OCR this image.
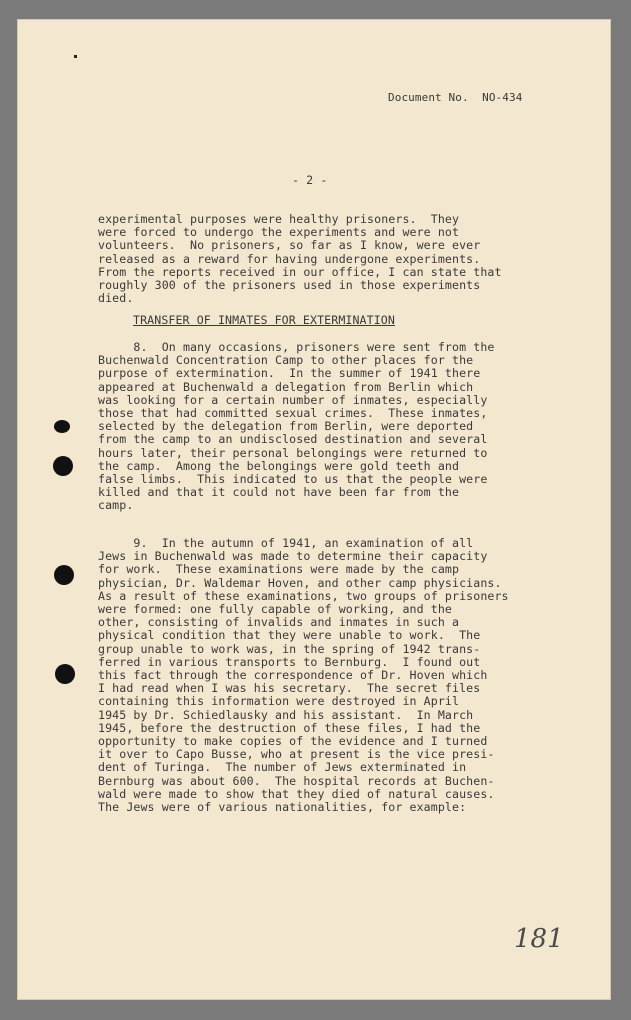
Document No.  NO-434
- 2 -
experimental purposes were healthy prisoners.  They
were forced to undergo the experiments and were not
volunteers.  No prisoners, so far as I know, were ever
released as a reward for having undergone experiments.
From the reports received in our office, I can state that
roughly 300 of the prisoners used in those experiments
died.
TRANSFER OF INMATES FOR EXTERMINATION
8.  On many occasions, prisoners were sent from the
Buchenwald Concentration Camp to other places for the
purpose of extermination.  In the summer of 1941 there
appeared at Buchenwald a delegation from Berlin which
was looking for a certain number of inmates, especially
those that had committed sexual crimes.  These inmates,
selected by the delegation from Berlin, were deported
from the camp to an undisclosed destination and several
hours later, their personal belongings were returned to
the camp.  Among the belongings were gold teeth and
false limbs.  This indicated to us that the people were
killed and that it could not have been far from the
camp.
9.  In the autumn of 1941, an examination of all
Jews in Buchenwald was made to determine their capacity
for work.  These examinations were made by the camp
physician, Dr. Waldemar Hoven, and other camp physicians.
As a result of these examinations, two groups of prisoners
were formed: one fully capable of working, and the
other, consisting of invalids and inmates in such a
physical condition that they were unable to work.  The
group unable to work was, in the spring of 1942 trans-
ferred in various transports to Bernburg.  I found out
this fact through the correspondence of Dr. Hoven which
I had read when I was his secretary.  The secret files
containing this information were destroyed in April
1945 by Dr. Schiedlausky and his assistant.  In March
1945, before the destruction of these files, I had the
opportunity to make copies of the evidence and I turned
it over to Capo Busse, who at present is the vice presi-
dent of Turinga.  The number of Jews exterminated in
Bernburg was about 600.  The hospital records at Buchen-
wald were made to show that they died of natural causes.
The Jews were of various nationalities, for example:
181
